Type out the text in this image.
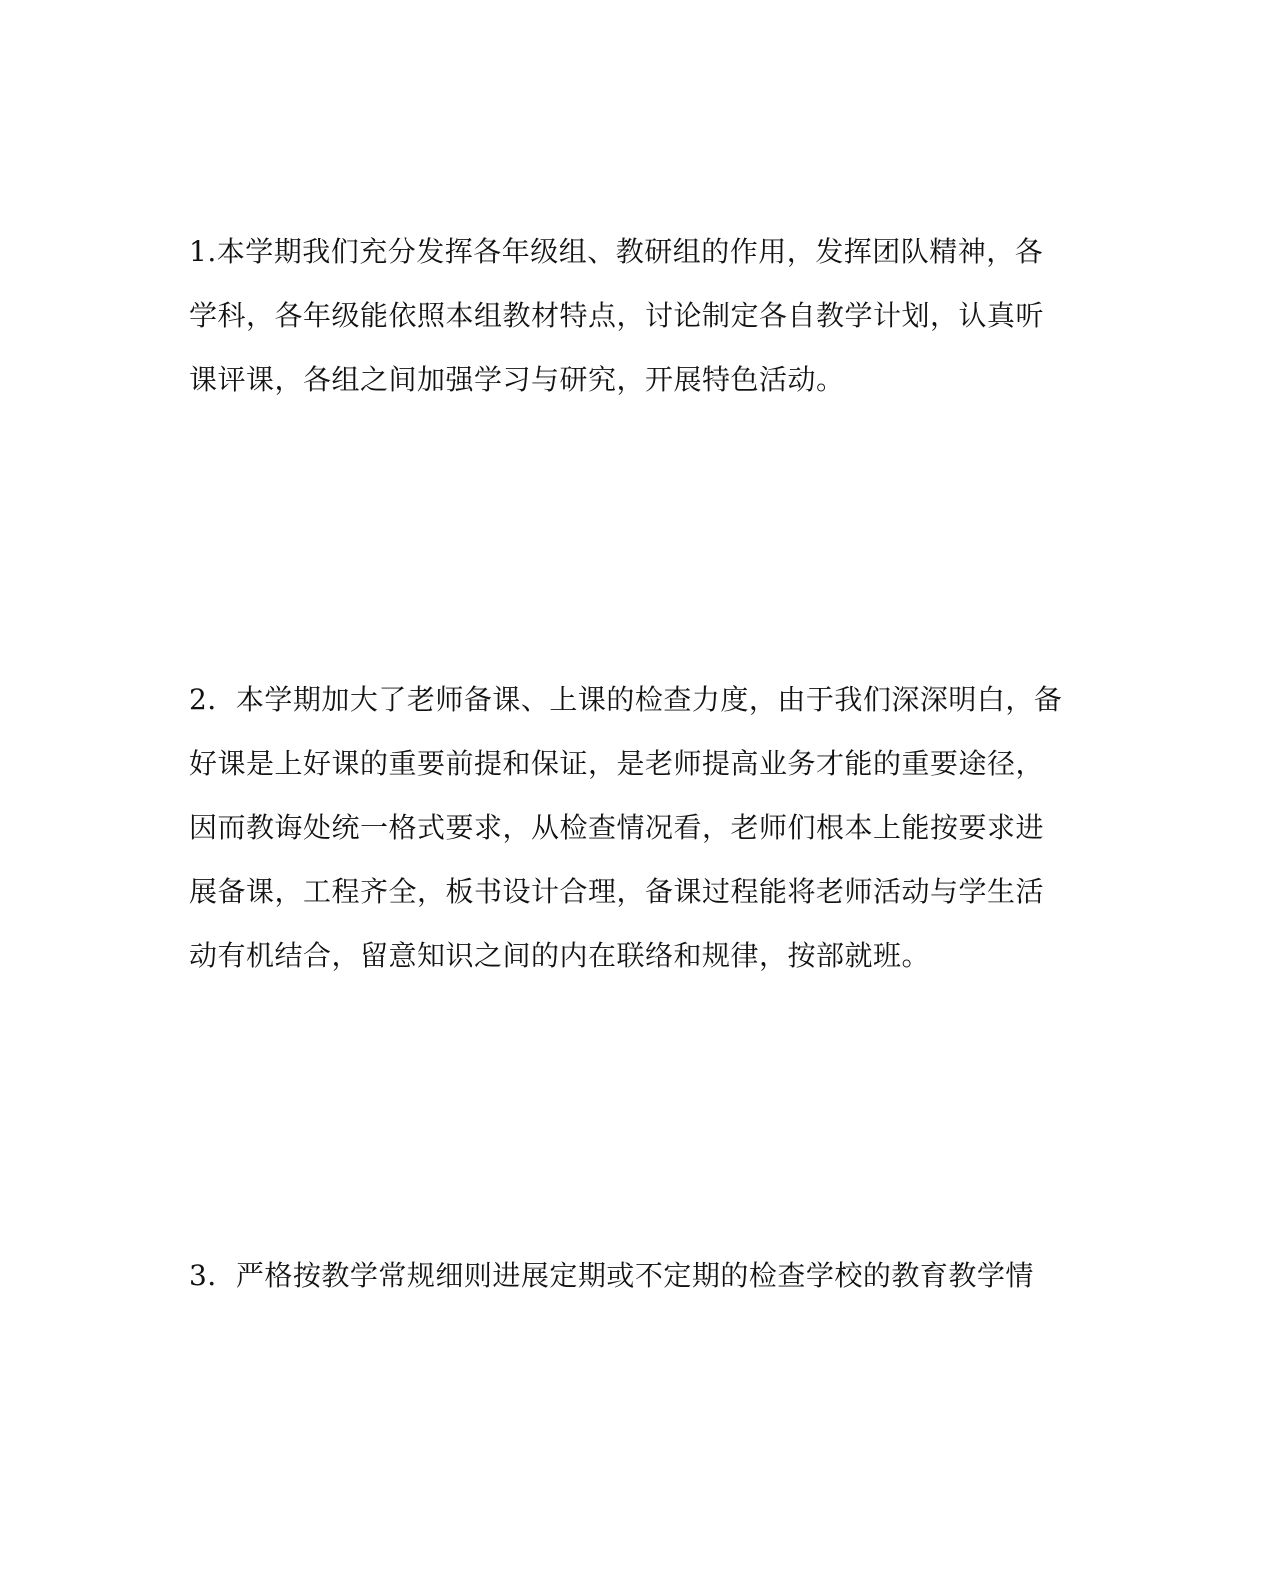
1.本学期我们充分发挥各年级组、教研组的作用，发挥团队精神，各
学科，各年级能依照本组教材特点，讨论制定各自教学计划，认真听
课评课，各组之间加强学习与研究，开展特色活动。
2．本学期加大了老师备课、上课的检查力度，由于我们深深明白，备
好课是上好课的重要前提和保证，是老师提高业务才能的重要途径，
因而教诲处统一格式要求，从检查情况看，老师们根本上能按要求进
展备课，工程齐全，板书设计合理，备课过程能将老师活动与学生活
动有机结合，留意知识之间的内在联络和规律，按部就班。
3．严格按教学常规细则进展定期或不定期的检查学校的教育教学情
